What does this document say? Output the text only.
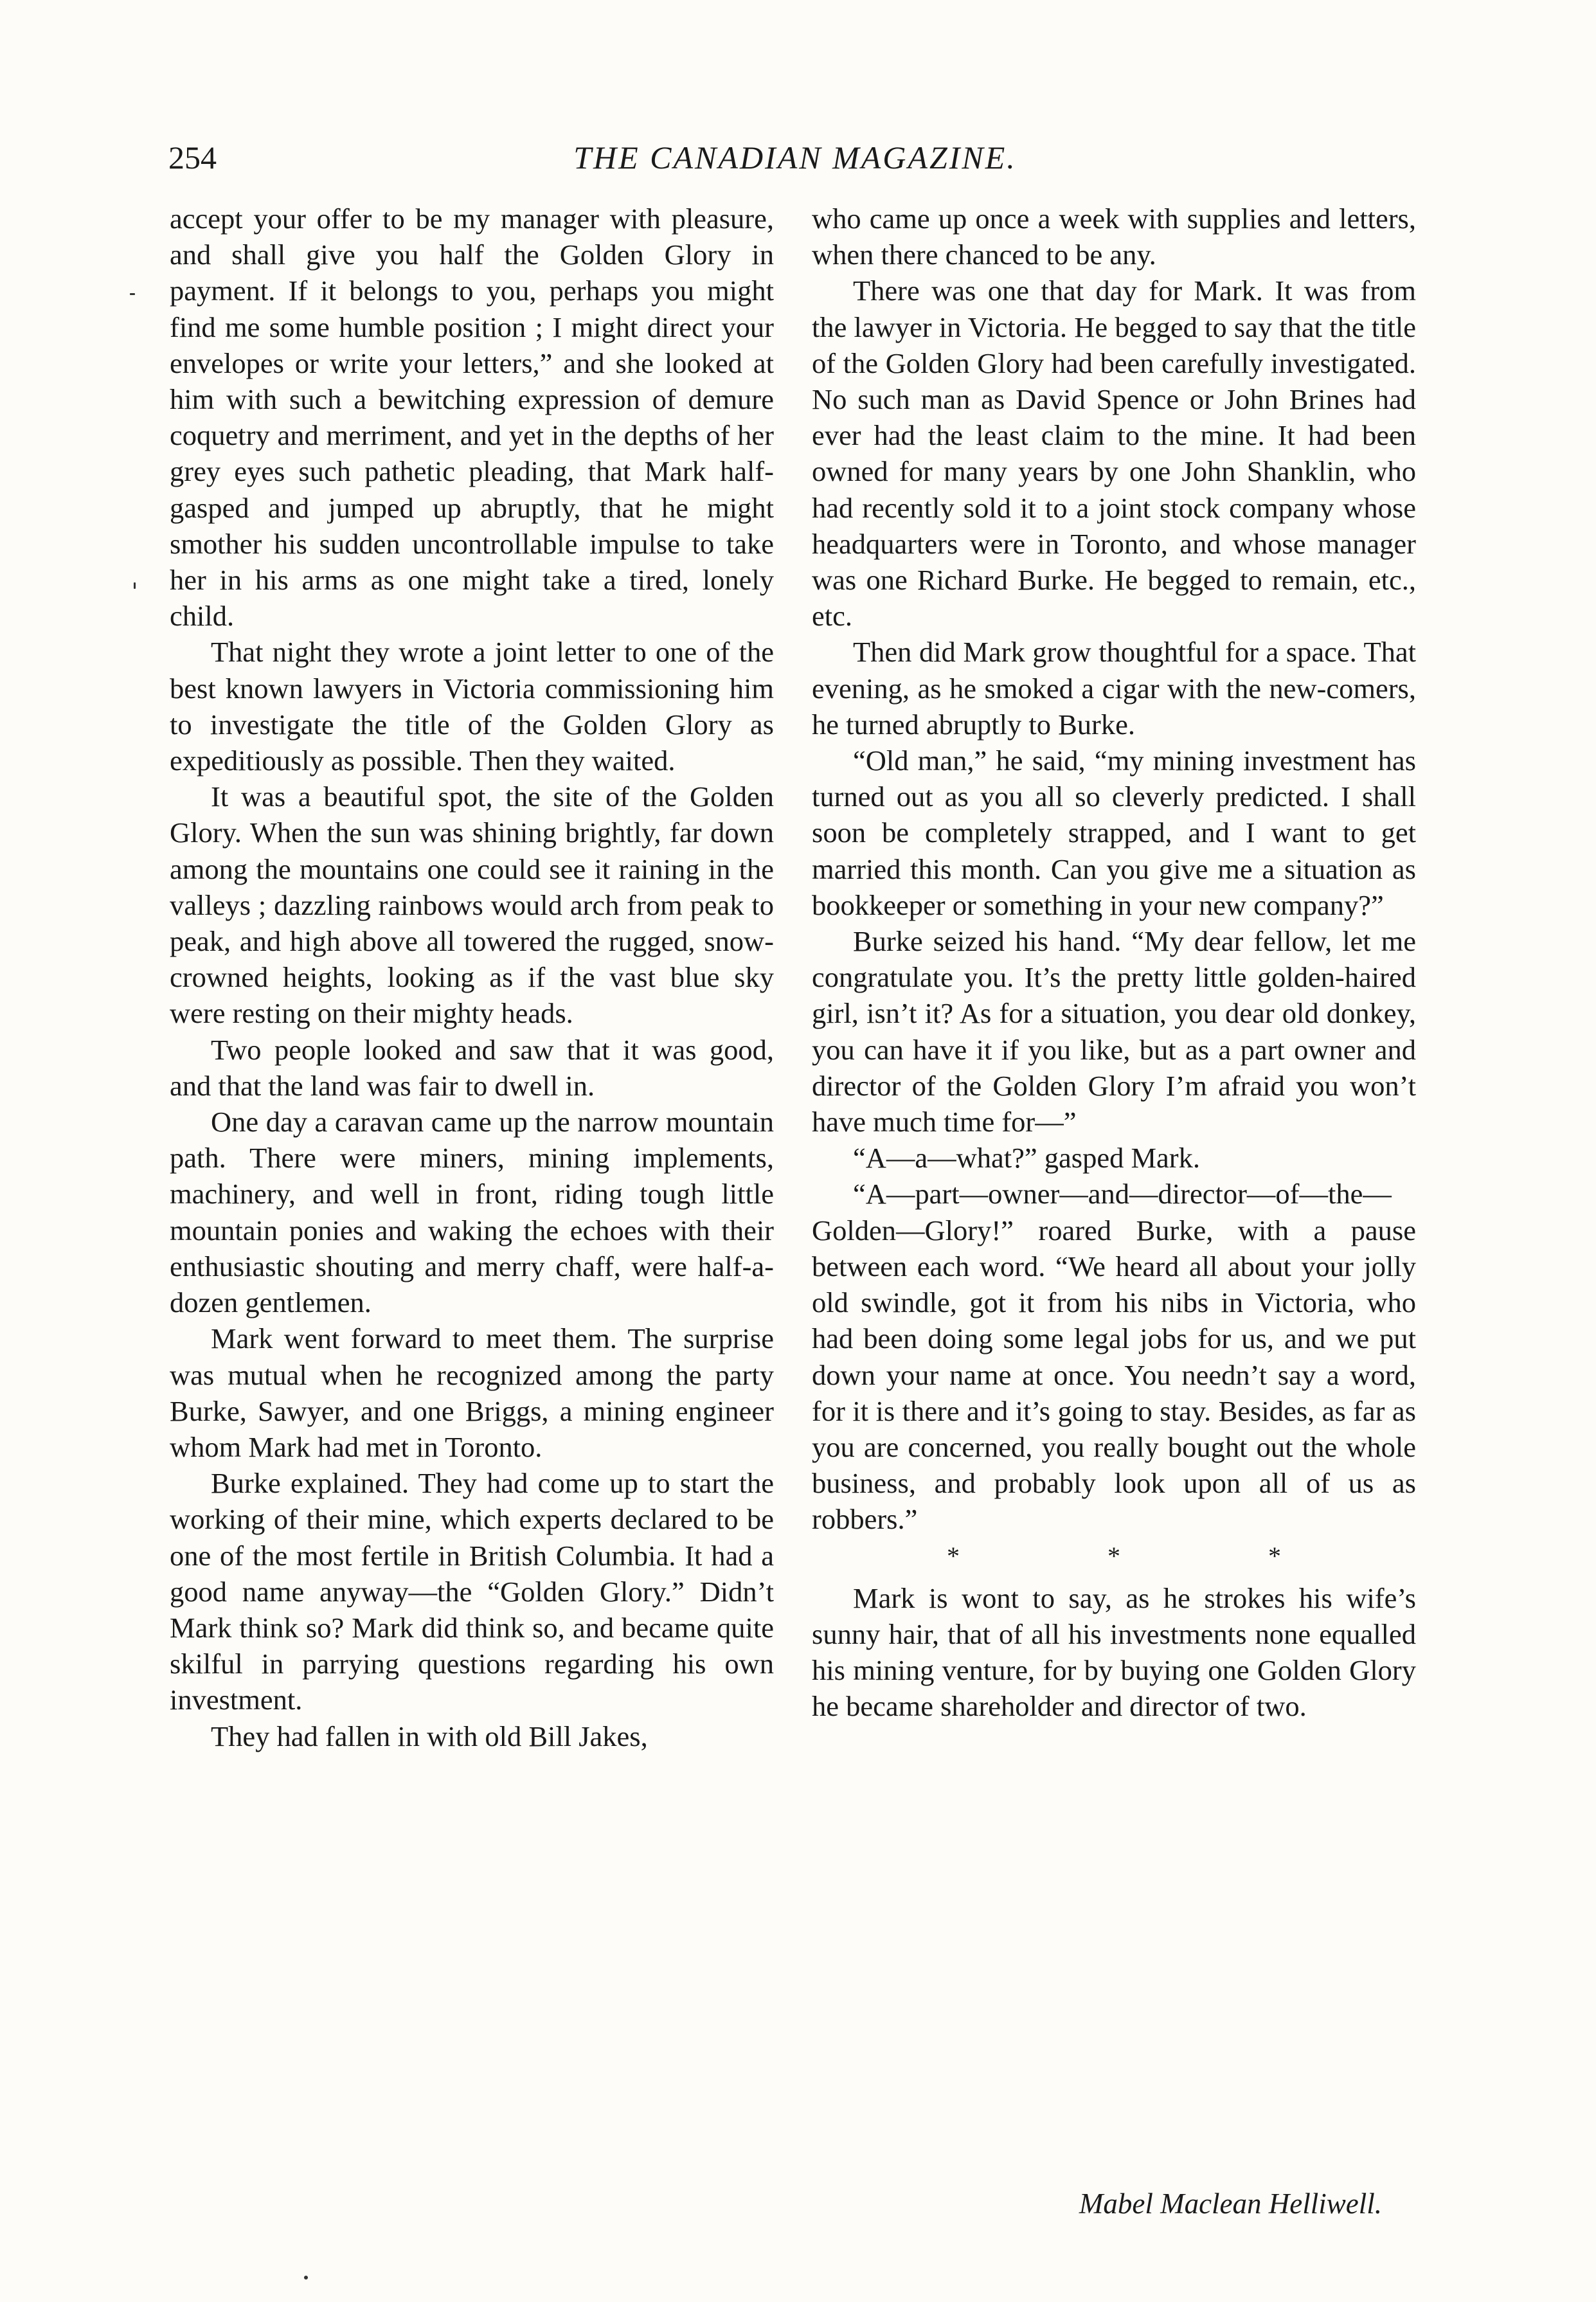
254	THE CANADIAN MAGAZINE.

accept your offer to be my manager with pleasure, and shall give you half the Golden Glory in payment. If it belongs to you, perhaps you might find me some humble position ; I might direct your envelopes or write your letters,” and she looked at him with such a bewitching expression of demure coquetry and merriment, and yet in the depths of her grey eyes such pathetic pleading, that Mark half-gasped and jumped up abruptly, that he might smother his sudden uncontrollable impulse to take her in his arms as one might take a tired, lonely child.

That night they wrote a joint letter to one of the best known lawyers in Victoria commissioning him to investigate the title of the Golden Glory as expeditiously as possible. Then they waited.

It was a beautiful spot, the site of the Golden Glory. When the sun was shining brightly, far down among the mountains one could see it raining in the valleys ; dazzling rainbows would arch from peak to peak, and high above all towered the rugged, snow-crowned heights, looking as if the vast blue sky were resting on their mighty heads.

Two people looked and saw that it was good, and that the land was fair to dwell in.

One day a caravan came up the narrow mountain path. There were miners, mining implements, machinery, and well in front, riding tough little mountain ponies and waking the echoes with their enthusiastic shouting and merry chaff, were half-a-dozen gentlemen.

Mark went forward to meet them. The surprise was mutual when he recognized among the party Burke, Sawyer, and one Briggs, a mining engineer whom Mark had met in Toronto.

Burke explained. They had come up to start the working of their mine, which experts declared to be one of the most fertile in British Columbia. It had a good name anyway—the “Golden Glory.” Didn’t Mark think so? Mark did think so, and became quite skilful in parrying questions regarding his own investment.

They had fallen in with old Bill Jakes,

who came up once a week with supplies and letters, when there chanced to be any.

There was one that day for Mark. It was from the lawyer in Victoria. He begged to say that the title of the Golden Glory had been carefully investigated. No such man as David Spence or John Brines had ever had the least claim to the mine. It had been owned for many years by one John Shanklin, who had recently sold it to a joint stock company whose headquarters were in Toronto, and whose manager was one Richard Burke. He begged to remain, etc., etc.

Then did Mark grow thoughtful for a space. That evening, as he smoked a cigar with the new-comers, he turned abruptly to Burke.

“Old man,” he said, “my mining investment has turned out as you all so cleverly predicted. I shall soon be completely strapped, and I want to get married this month. Can you give me a situation as bookkeeper or something in your new company?”

Burke seized his hand. “My dear fellow, let me congratulate you. It’s the pretty little golden-haired girl, isn’t it? As for a situation, you dear old donkey, you can have it if you like, but as a part owner and director of the Golden Glory I’m afraid you won’t have much time for—”

“A—a—what?” gasped Mark.

“A—part—owner—and—director—of—the—Golden—Glory!” roared Burke, with a pause between each word. “We heard all about your jolly old swindle, got it from his nibs in Victoria, who had been doing some legal jobs for us, and we put down your name at once. You needn’t say a word, for it is there and it’s going to stay. Besides, as far as you are concerned, you really bought out the whole business, and probably look upon all of us as robbers.”

* * *

Mark is wont to say, as he strokes his wife’s sunny hair, that of all his investments none equalled his mining venture, for by buying one Golden Glory he became shareholder and director of two.

Mabel Maclean Helliwell.
